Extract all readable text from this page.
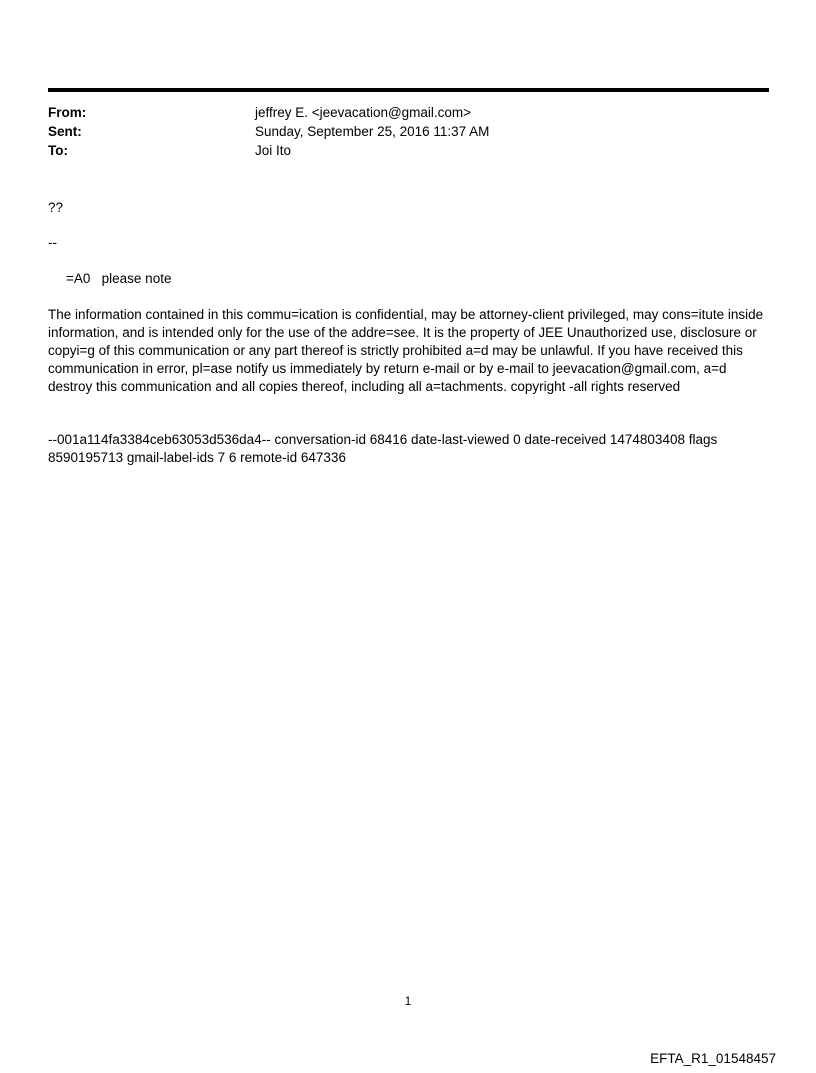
From:	jeffrey E. <jeevacation@gmail.com>
Sent:	Sunday, September 25, 2016 11:37 AM
To:	Joi Ito

??

--

=A0   please note

The information contained in this commu=ication is confidential, may be attorney-client privileged, may cons=itute inside information, and is intended only for the use of the addre=see. It is the property of JEE Unauthorized use, disclosure or copyi=g of this communication or any part thereof is strictly prohibited a=d may be unlawful. If you have received this communication in error, pl=ase notify us immediately by return e-mail or by e-mail to jeevacation@gmail.com, a=d destroy this communication and all copies thereof, including all a=tachments. copyright -all rights reserved

--001a114fa3384ceb63053d536da4-- conversation-id 68416 date-last-viewed 0 date-received 1474803408 flags 8590195713 gmail-label-ids 7 6 remote-id 647336

1
EFTA_R1_01548457
